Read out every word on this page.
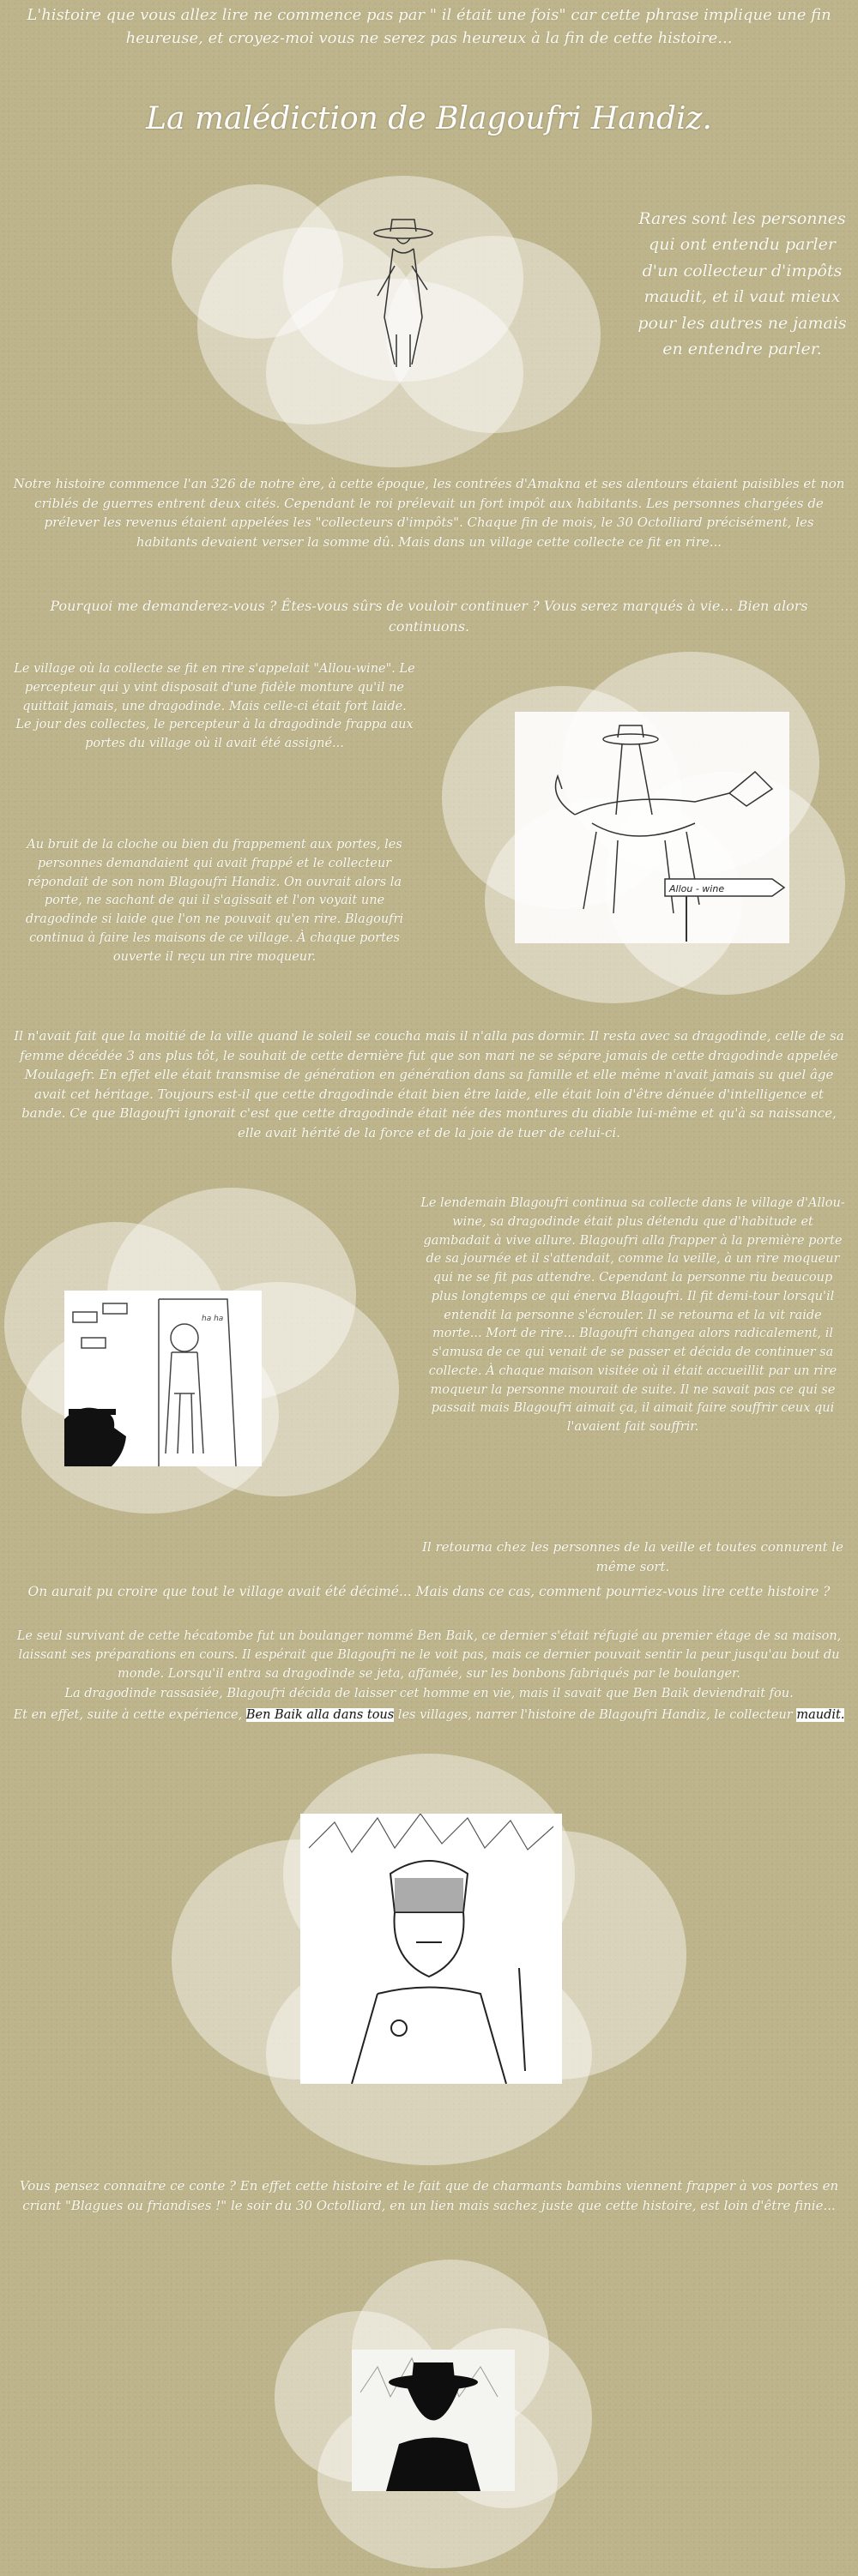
L'histoire que vous allez lire ne commence pas par " il était une fois" car cette phrase implique une fin heureuse, et croyez-moi vous ne serez pas heureux à la fin de cette histoire...
La malédiction de Blagoufri Handiz.
Rares sont les personnes qui ont entendu parler d'un collecteur d'impôts maudit, et il vaut mieux pour les autres ne jamais en entendre parler.
Notre histoire commence l'an 326 de notre ère, à cette époque, les contrées d'Amakna et ses alentours étaient paisibles et non criblés de guerres entrent deux cités. Cependant le roi prélevait un fort impôt aux habitants. Les personnes chargées de prélever les revenus étaient appelées les "collecteurs d'impôts". Chaque fin de mois, le 30 Octolliard précisément, les habitants devaient verser la somme dû. Mais dans un village cette collecte ce fit en rire...
Pourquoi me demanderez-vous ? Êtes-vous sûrs de vouloir continuer ? Vous serez marqués à vie... Bien alors continuons.
Le village où la collecte se fit en rire s'appelait "Allou-wine". Le percepteur qui y vint disposait d'une fidèle monture qu'il ne quittait jamais, une dragodinde. Mais celle-ci était fort laide. Le jour des collectes, le percepteur à la dragodinde frappa aux portes du village où il avait été assigné...
Au bruit de la cloche ou bien du frappement aux portes, les personnes demandaient qui avait frappé et le collecteur répondait de son nom Blagoufri Handiz. On ouvrait alors la porte, ne sachant de qui il s'agissait et l'on voyait une dragodinde si laide que l'on ne pouvait qu'en rire. Blagoufri continua à faire les maisons de ce village. À chaque portes ouverte il reçu un rire moqueur.
Allou - wine
Il n'avait fait que la moitié de la ville quand le soleil se coucha mais il n'alla pas dormir. Il resta avec sa dragodinde, celle de sa femme décédée 3 ans plus tôt, le souhait de cette dernière fut que son mari ne se sépare jamais de cette dragodinde appelée Moulagefr. En effet elle était transmise de génération en génération dans sa famille et elle même n'avait jamais su quel âge avait cet héritage. Toujours est-il que cette dragodinde était bien être laide, elle était loin d'être dénuée d'intelligence et bande. Ce que Blagoufri ignorait c'est que cette dragodinde était née des montures du diable lui-même et qu'à sa naissance, elle avait hérité de la force et de la joie de tuer de celui-ci.
ha ha
Le lendemain Blagoufri continua sa collecte dans le village d'Allou-wine, sa dragodinde était plus détendu que d'habitude et gambadait à vive allure. Blagoufri alla frapper à la première porte de sa journée et il s'attendait, comme la veille, à un rire moqueur qui ne se fit pas attendre. Cependant la personne riu beaucoup plus longtemps ce qui énerva Blagoufri. Il fit demi-tour lorsqu'il entendit la personne s'écrouler. Il se retourna et la vit raide morte... Mort de rire... Blagoufri changea alors radicalement, il s'amusa de ce qui venait de se passer et décida de continuer sa collecte. À chaque maison visitée où il était accueillit par un rire moqueur la personne mourait de suite. Il ne savait pas ce qui se passait mais Blagoufri aimait ça, il aimait faire souffrir ceux qui l'avaient fait souffrir.
Il retourna chez les personnes de la veille et toutes connurent le même sort.
On aurait pu croire que tout le village avait été décimé... Mais dans ce cas, comment pourriez-vous lire cette histoire ?
Le seul survivant de cette hécatombe fut un boulanger nommé Ben Baik, ce dernier s'était réfugié au premier étage de sa maison, laissant ses préparations en cours. Il espérait que Blagoufri ne le voit pas, mais ce dernier pouvait sentir la peur jusqu'au bout du monde. Lorsqu'il entra sa dragodinde se jeta, affamée, sur les bonbons fabriqués par le boulanger.
La dragodinde rassasiée, Blagoufri décida de laisser cet homme en vie, mais il savait que Ben Baik deviendrait fou.
Et en effet, suite à cette expérience, Ben Baik alla dans tous les villages, narrer l'histoire de Blagoufri Handiz, le collecteur maudit.
Vous pensez connaitre ce conte ? En effet cette histoire et le fait que de charmants bambins viennent frapper à vos portes en criant "Blagues ou friandises !" le soir du 30 Octolliard, en un lien mais sachez juste que cette histoire, est loin d'être finie...
